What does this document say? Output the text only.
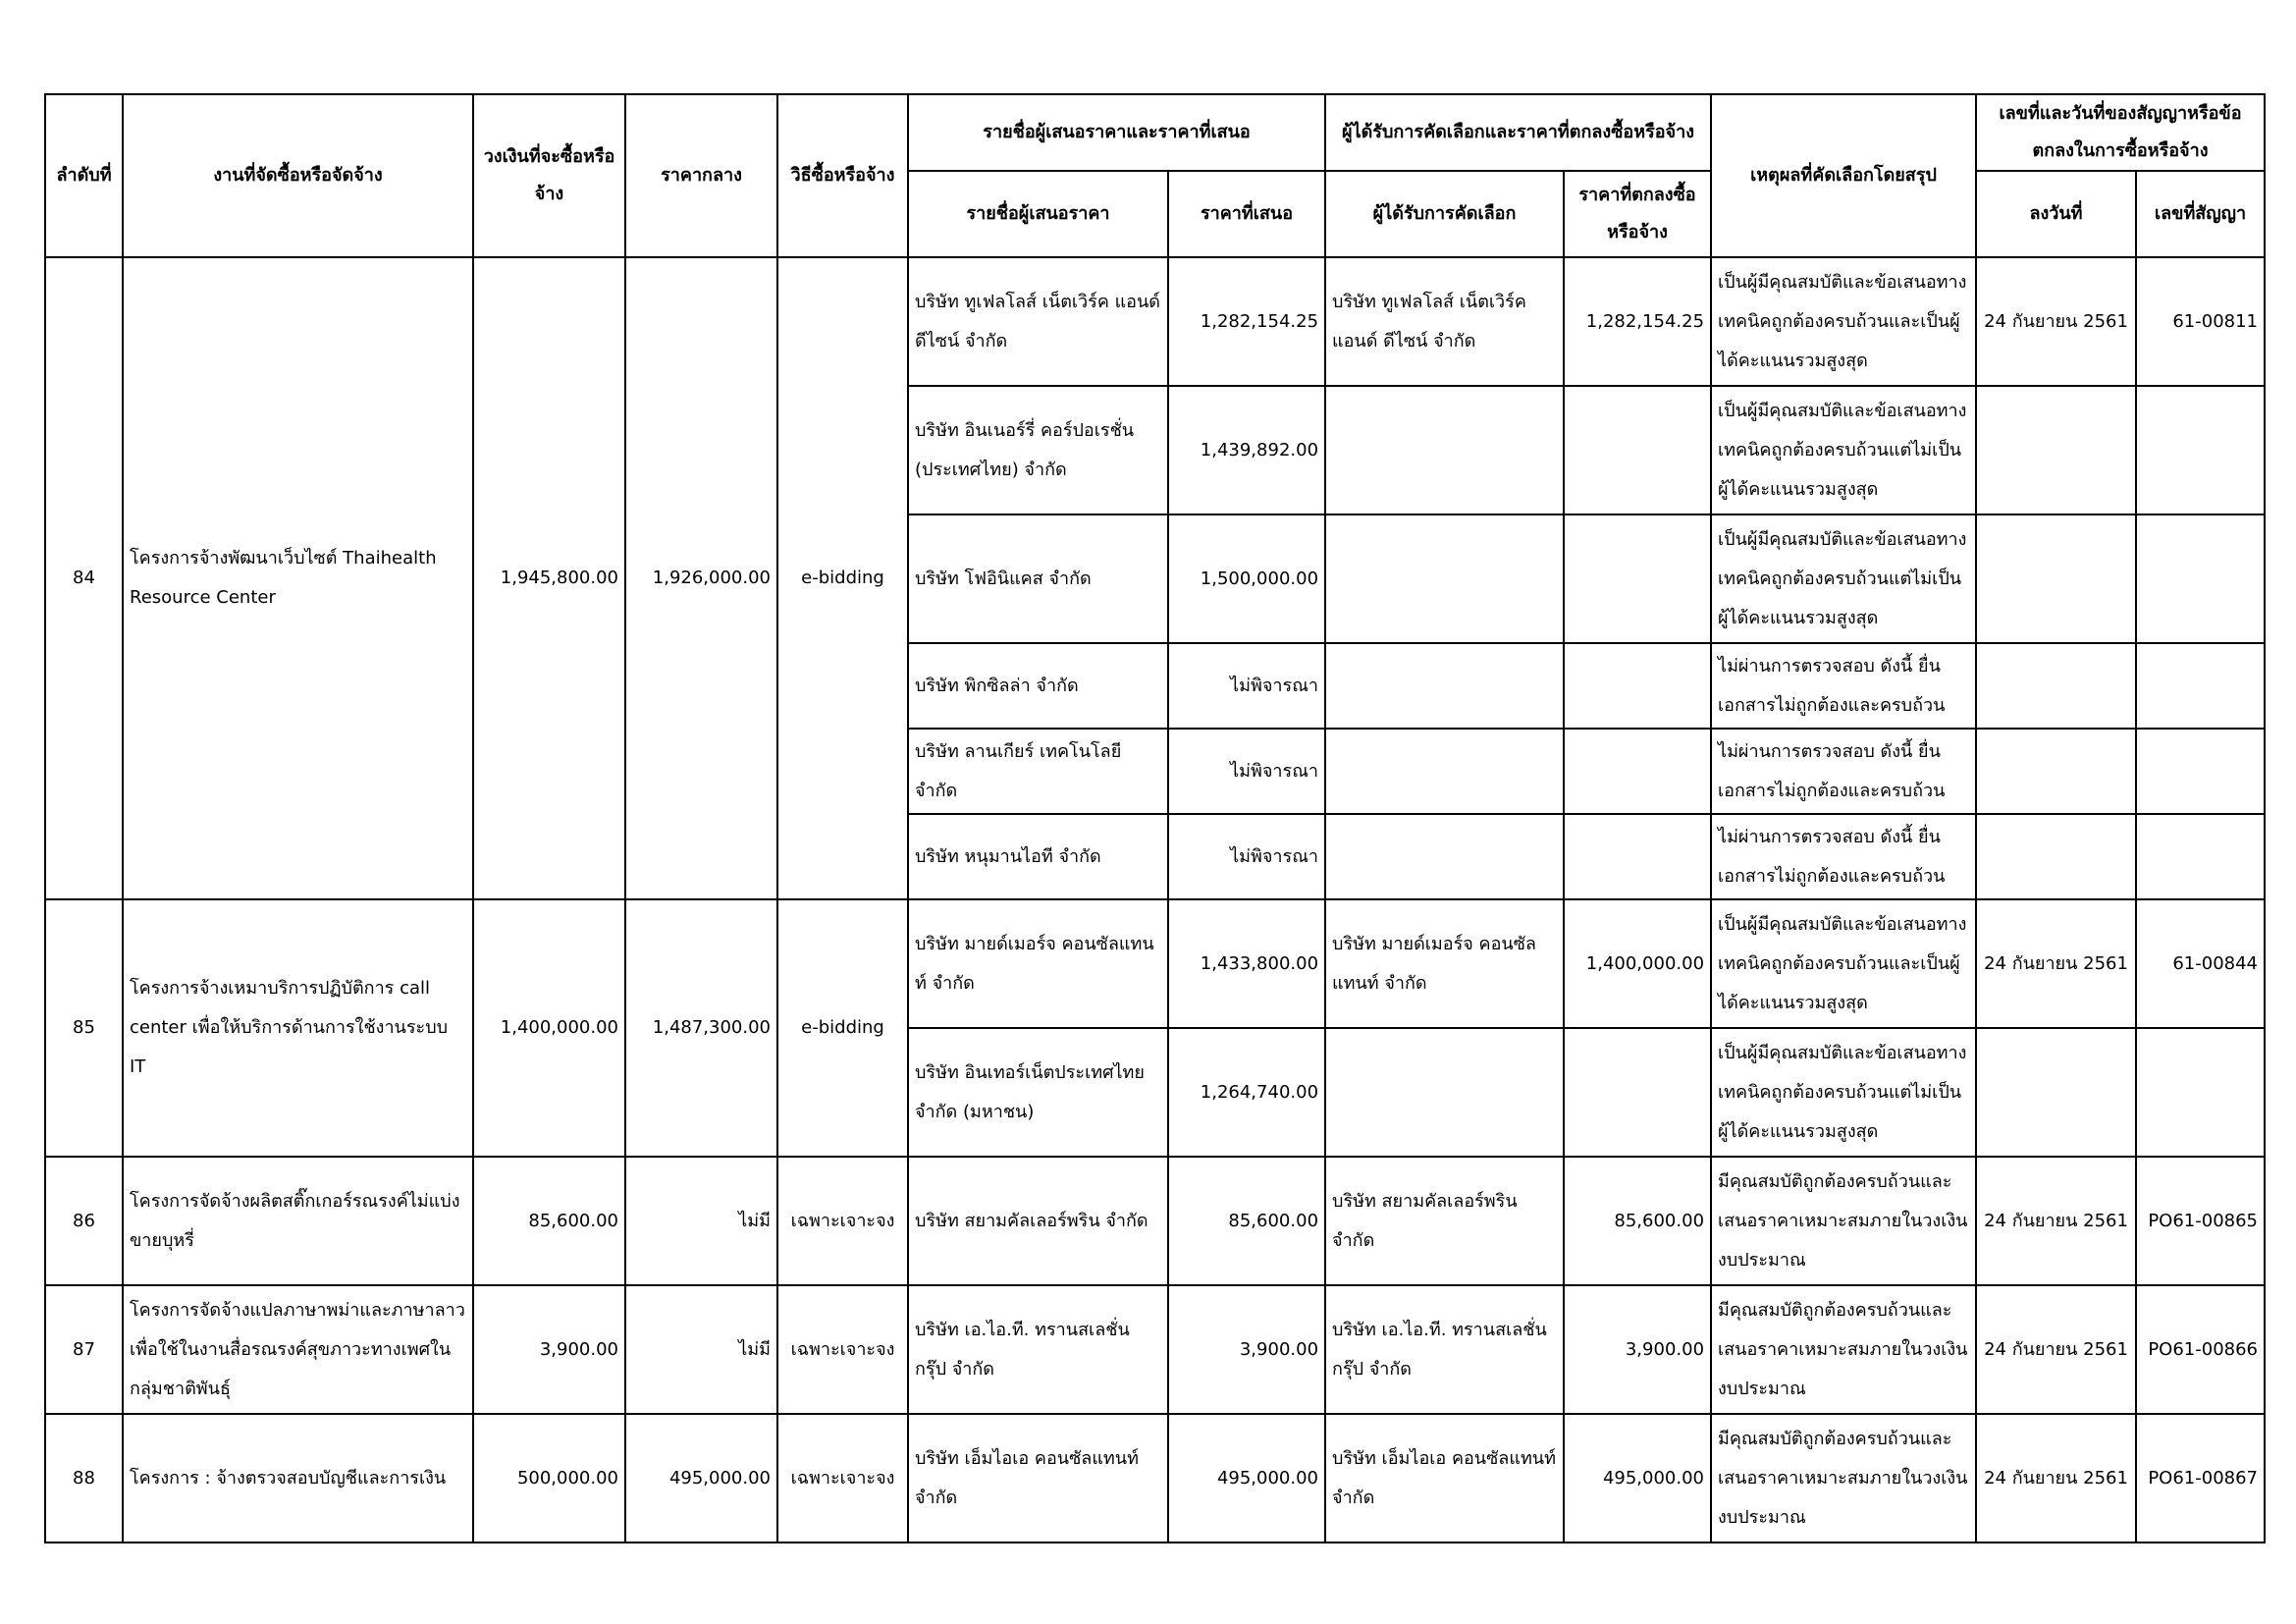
ลำดับที่	งานที่จัดซื้อหรือจัดจ้าง	วงเงินที่จะซื้อหรือจ้าง	ราคากลาง	วิธีซื้อหรือจ้าง	รายชื่อผู้เสนอราคาและราคาที่เสนอ		ผู้ได้รับการคัดเลือกและราคาที่ตกลงซื้อหรือจ้าง		เหตุผลที่คัดเลือกโดยสรุป	เลขที่และวันที่ของสัญญาหรือข้อตกลงในการซื้อหรือจ้าง	
					รายชื่อผู้เสนอราคา	ราคาที่เสนอ	ผู้ได้รับการคัดเลือก	ราคาที่ตกลงซื้อหรือจ้าง		ลงวันที่	เลขที่สัญญา
84	โครงการจ้างพัฒนาเว็บไซต์ Thaihealth Resource Center	1,945,800.00	1,926,000.00	e-bidding	บริษัท ทูเฟลโลส์ เน็ตเวิร์ค แอนด์ ดีไซน์ จำกัด	1,282,154.25	บริษัท ทูเฟลโลส์ เน็ตเวิร์ค แอนด์ ดีไซน์ จำกัด	1,282,154.25	เป็นผู้มีคุณสมบัติและข้อเสนอทางเทคนิคถูกต้องครบถ้วนและเป็นผู้ได้คะแนนรวมสูงสุด	24 กันยายน 2561	61-00811
					บริษัท อินเนอร์รี่ คอร์ปอเรชั่น (ประเทศไทย) จำกัด	1,439,892.00			เป็นผู้มีคุณสมบัติและข้อเสนอทางเทคนิคถูกต้องครบถ้วนแต่ไม่เป็นผู้ได้คะแนนรวมสูงสุด		
					บริษัท โฟอินิแคส จำกัด	1,500,000.00			เป็นผู้มีคุณสมบัติและข้อเสนอทางเทคนิคถูกต้องครบถ้วนแต่ไม่เป็นผู้ได้คะแนนรวมสูงสุด		
					บริษัท พิกซิลล่า จำกัด	ไม่พิจารณา			ไม่ผ่านการตรวจสอบ ดังนี้ ยื่นเอกสารไม่ถูกต้องและครบถ้วน		
					บริษัท ลานเกียร์ เทคโนโลยี จำกัด	ไม่พิจารณา			ไม่ผ่านการตรวจสอบ ดังนี้ ยื่นเอกสารไม่ถูกต้องและครบถ้วน		
					บริษัท หนุมานไอที จำกัด	ไม่พิจารณา			ไม่ผ่านการตรวจสอบ ดังนี้ ยื่นเอกสารไม่ถูกต้องและครบถ้วน		
85	โครงการจ้างเหมาบริการปฏิบัติการ call center เพื่อให้บริการด้านการใช้งานระบบ IT	1,400,000.00	1,487,300.00	e-bidding	บริษัท มายด์เมอร์จ คอนซัลแทนท์ จำกัด	1,433,800.00	บริษัท มายด์เมอร์จ คอนซัลแทนท์ จำกัด	1,400,000.00	เป็นผู้มีคุณสมบัติและข้อเสนอทางเทคนิคถูกต้องครบถ้วนและเป็นผู้ได้คะแนนรวมสูงสุด	24 กันยายน 2561	61-00844
					บริษัท อินเทอร์เน็ตประเทศไทย จำกัด (มหาชน)	1,264,740.00			เป็นผู้มีคุณสมบัติและข้อเสนอทางเทคนิคถูกต้องครบถ้วนแต่ไม่เป็นผู้ได้คะแนนรวมสูงสุด		
86	โครงการจัดจ้างผลิตสติ๊กเกอร์รณรงค์ไม่แบ่งขายบุหรี่	85,600.00	ไม่มี	เฉพาะเจาะจง	บริษัท สยามคัลเลอร์พริน จำกัด	85,600.00	บริษัท สยามคัลเลอร์พริน จำกัด	85,600.00	มีคุณสมบัติถูกต้องครบถ้วนและเสนอราคาเหมาะสมภายในวงเงินงบประมาณ	24 กันยายน 2561	PO61-00865
87	โครงการจัดจ้างแปลภาษาพม่าและภาษาลาวเพื่อใช้ในงานสื่อรณรงค์สุขภาวะทางเพศในกลุ่มชาติพันธุ์	3,900.00	ไม่มี	เฉพาะเจาะจง	บริษัท เอ.ไอ.ที. ทรานสเลชั่น กรุ๊ป จำกัด	3,900.00	บริษัท เอ.ไอ.ที. ทรานสเลชั่น กรุ๊ป จำกัด	3,900.00	มีคุณสมบัติถูกต้องครบถ้วนและเสนอราคาเหมาะสมภายในวงเงินงบประมาณ	24 กันยายน 2561	PO61-00866
88	โครงการ : จ้างตรวจสอบบัญชีและการเงิน	500,000.00	495,000.00	เฉพาะเจาะจง	บริษัท เอ็มไอเอ คอนซัลแทนท์ จำกัด	495,000.00	บริษัท เอ็มไอเอ คอนซัลแทนท์ จำกัด	495,000.00	มีคุณสมบัติถูกต้องครบถ้วนและเสนอราคาเหมาะสมภายในวงเงินงบประมาณ	24 กันยายน 2561	PO61-00867
